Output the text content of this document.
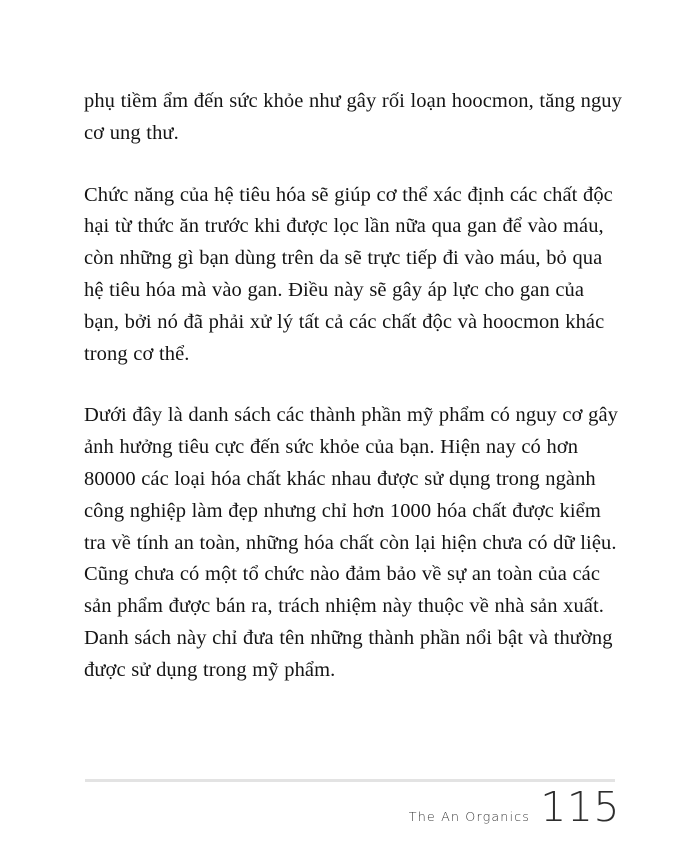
phụ tiềm ẩm đến sức khỏe như gây rối loạn hoocmon, tăng nguy cơ ung thư.

Chức năng của hệ tiêu hóa sẽ giúp cơ thể xác định các chất độc hại từ thức ăn trước khi được lọc lần nữa qua gan để vào máu, còn những gì bạn dùng trên da sẽ trực tiếp đi vào máu, bỏ qua hệ tiêu hóa mà vào gan. Điều này sẽ gây áp lực cho gan của bạn, bởi nó đã phải xử lý tất cả các chất độc và hoocmon khác trong cơ thể.

Dưới đây là danh sách các thành phần mỹ phẩm có nguy cơ gây ảnh hưởng tiêu cực đến sức khỏe của bạn. Hiện nay có hơn 80000 các loại hóa chất khác nhau được sử dụng trong ngành công nghiệp làm đẹp nhưng chỉ hơn 1000 hóa chất được kiểm tra về tính an toàn, những hóa chất còn lại hiện chưa có dữ liệu. Cũng chưa có một tổ chức nào đảm bảo về sự an toàn của các sản phẩm được bán ra, trách nhiệm này thuộc về nhà sản xuất. Danh sách này chỉ đưa tên những thành phần nổi bật và thường được sử dụng trong mỹ phẩm.

The An Organics 115
